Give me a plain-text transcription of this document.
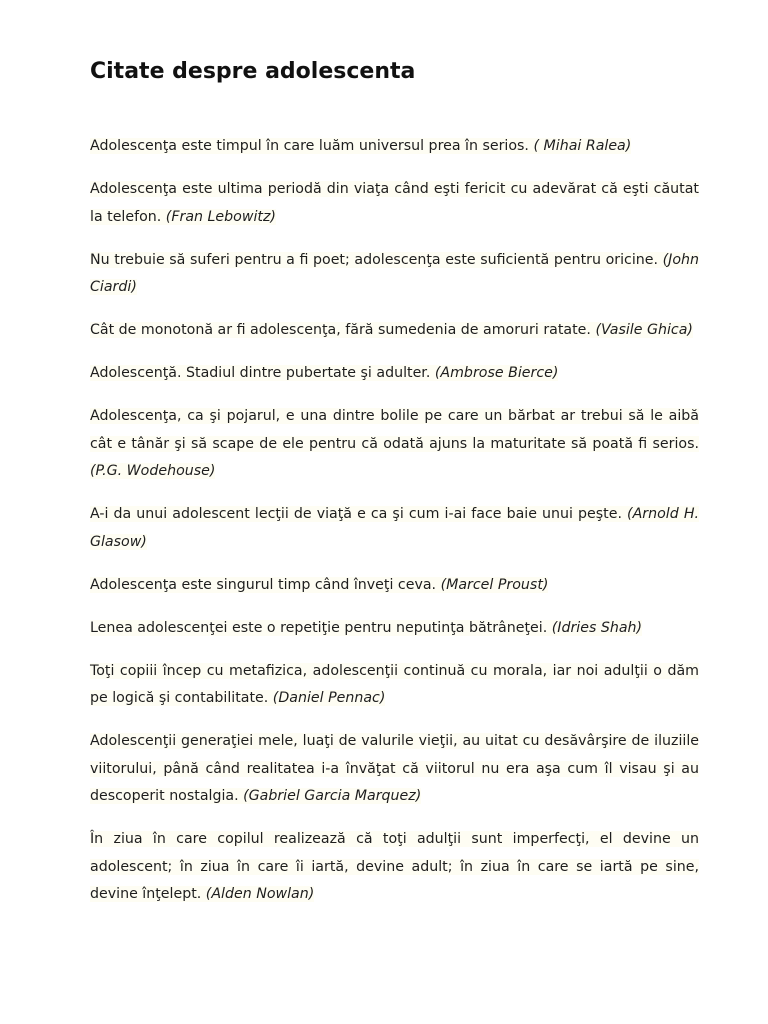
Citate despre adolescenta

Adolescenţa este timpul în care luăm universul prea în serios. ( Mihai Ralea)

Adolescenţa este ultima periodă din viaţa când eşti fericit cu adevărat că eşti căutat la telefon. (Fran Lebowitz)

Nu trebuie să suferi pentru a fi poet; adolescenţa este suficientă pentru oricine. (John Ciardi)

Cât de monotonă ar fi adolescenţa, fără sumedenia de amoruri ratate. (Vasile Ghica)

Adolescenţă. Stadiul dintre pubertate şi adulter. (Ambrose Bierce)

Adolescenţa, ca şi pojarul, e una dintre bolile pe care un bărbat ar trebui să le aibă cât e tânăr şi să scape de ele pentru că odată ajuns la maturitate să poată fi serios. (P.G. Wodehouse)

A-i da unui adolescent lecţii de viaţă e ca şi cum i-ai face baie unui peşte. (Arnold H. Glasow)

Adolescenţa este singurul timp când înveţi ceva. (Marcel Proust)

Lenea adolescenţei este o repetiţie pentru neputinţa bătrâneţei. (Idries Shah)

Toţi copiii încep cu metafizica, adolescenţii continuă cu morala, iar noi adulţii o dăm pe logică şi contabilitate. (Daniel Pennac)

Adolescenţii generaţiei mele, luaţi de valurile vieţii, au uitat cu desăvârşire de iluziile viitorului, până când realitatea i-a învăţat că viitorul nu era aşa cum îl visau şi au descoperit nostalgia. (Gabriel Garcia Marquez)

În ziua în care copilul realizează că toţi adulţii sunt imperfecţi, el devine un adolescent; în ziua în care îi iartă, devine adult; în ziua în care se iartă pe sine, devine înţelept. (Alden Nowlan)
